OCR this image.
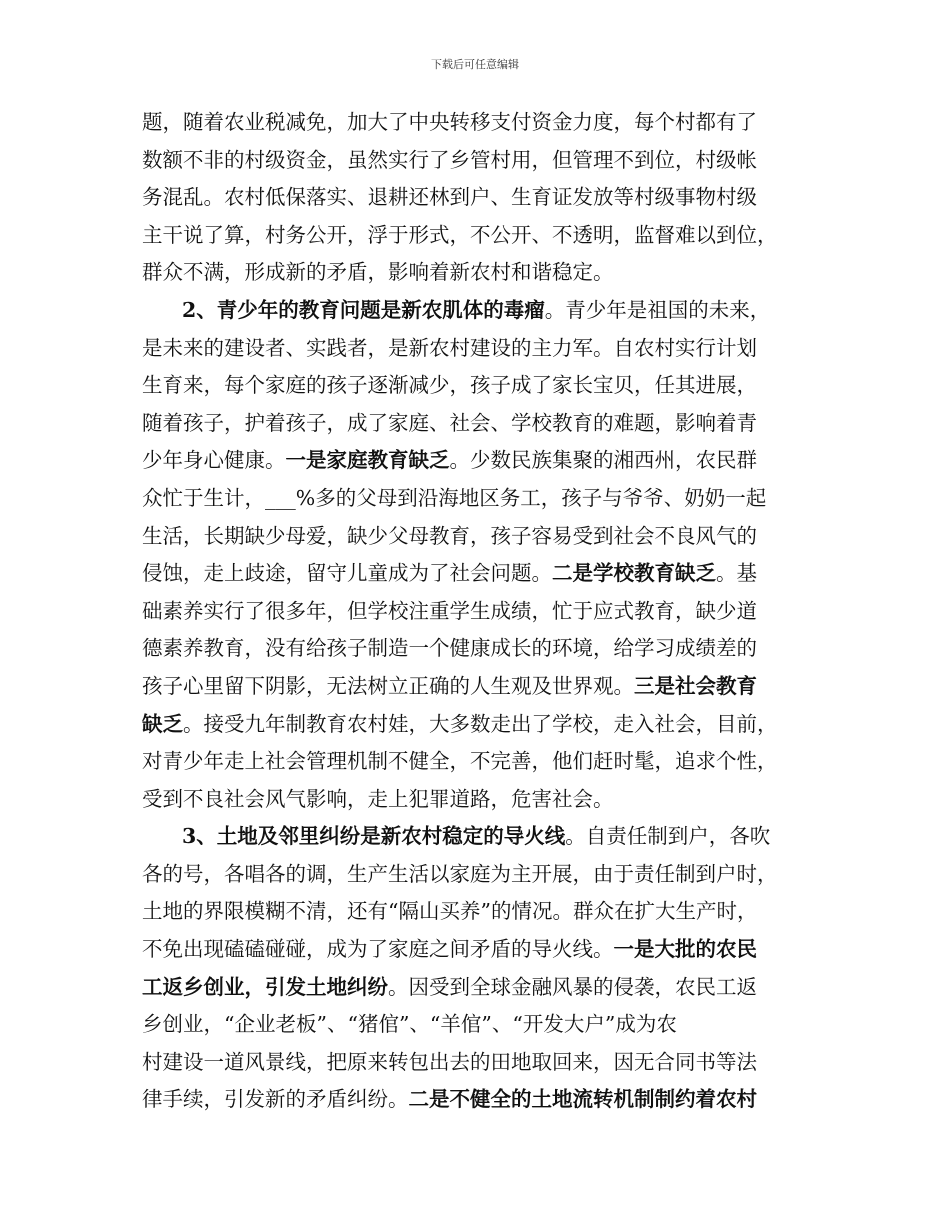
下载后可任意编辑
题，随着农业税减免，加大了中央转移支付资金力度，每个村都有了
数额不非的村级资金，虽然实行了乡管村用，但管理不到位，村级帐
务混乱。农村低保落实、退耕还林到户、生育证发放等村级事物村级
主干说了算，村务公开，浮于形式，不公开、不透明，监督难以到位，
群众不满，形成新的矛盾，影响着新农村和谐稳定。
2、青少年的教育问题是新农肌体的毒瘤。青少年是祖国的未来，
是未来的建设者、实践者，是新农村建设的主力军。自农村实行计划
生育来，每个家庭的孩子逐渐减少，孩子成了家长宝贝，任其进展，
随着孩子，护着孩子，成了家庭、社会、学校教育的难题，影响着青
少年身心健康。一是家庭教育缺乏。少数民族集聚的湘西州，农民群
众忙于生计，___%多的父母到沿海地区务工，孩子与爷爷、奶奶一起
生活，长期缺少母爱，缺少父母教育，孩子容易受到社会不良风气的
侵蚀，走上歧途，留守儿童成为了社会问题。二是学校教育缺乏。基
础素养实行了很多年，但学校注重学生成绩，忙于应式教育，缺少道
德素养教育，没有给孩子制造一个健康成长的环境，给学习成绩差的
孩子心里留下阴影，无法树立正确的人生观及世界观。三是社会教育
缺乏。接受九年制教育农村娃，大多数走出了学校，走入社会，目前，
对青少年走上社会管理机制不健全，不完善，他们赶时髦，追求个性，
受到不良社会风气影响，走上犯罪道路，危害社会。
3、土地及邻里纠纷是新农村稳定的导火线。自责任制到户，各吹
各的号，各唱各的调，生产生活以家庭为主开展，由于责任制到户时，
土地的界限模糊不清，还有“隔山买养”的情况。群众在扩大生产时，
不免出现磕磕碰碰，成为了家庭之间矛盾的导火线。一是大批的农民
工返乡创业，引发土地纠纷。因受到全球金融风暴的侵袭，农民工返
乡创业，“企业老板”、“猪倌”、“羊倌”、“开发大户”成为农
村建设一道风景线，把原来转包出去的田地取回来，因无合同书等法
律手续，引发新的矛盾纠纷。二是不健全的土地流转机制制约着农村
